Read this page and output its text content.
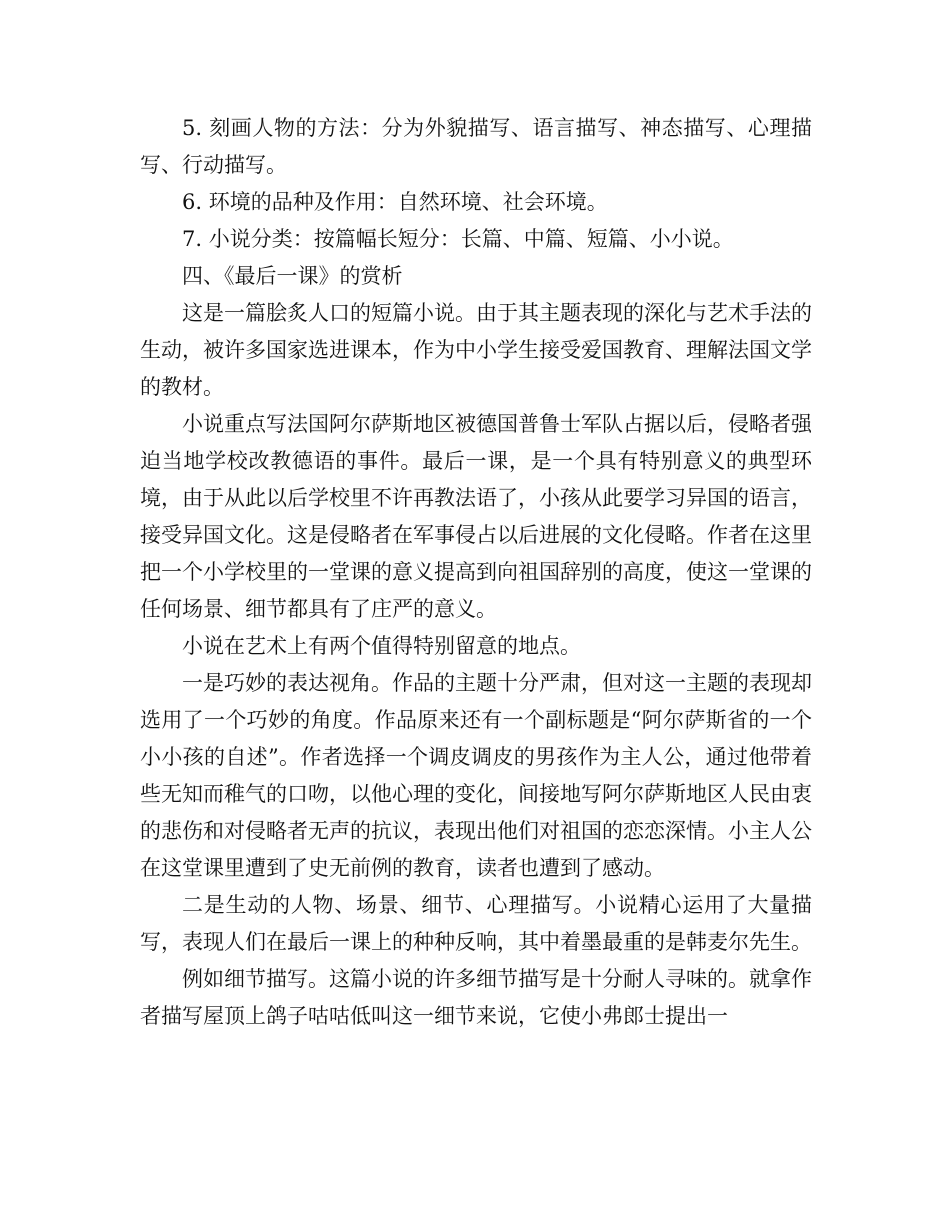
5. 刻画人物的方法：分为外貌描写、语言描写、神态描写、心理描写、行动描写。

6. 环境的品种及作用：自然环境、社会环境。

7. 小说分类：按篇幅长短分：长篇、中篇、短篇、小小说。

四、《最后一课》的赏析

这是一篇脍炙人口的短篇小说。由于其主题表现的深化与艺术手法的生动，被许多国家选进课本，作为中小学生接受爱国教育、理解法国文学的教材。

小说重点写法国阿尔萨斯地区被德国普鲁士军队占据以后，侵略者强迫当地学校改教德语的事件。最后一课，是一个具有特别意义的典型环境，由于从此以后学校里不许再教法语了，小孩从此要学习异国的语言，接受异国文化。这是侵略者在军事侵占以后进展的文化侵略。作者在这里把一个小学校里的一堂课的意义提高到向祖国辞别的高度，使这一堂课的任何场景、细节都具有了庄严的意义。

小说在艺术上有两个值得特别留意的地点。

一是巧妙的表达视角。作品的主题十分严肃，但对这一主题的表现却选用了一个巧妙的角度。作品原来还有一个副标题是“阿尔萨斯省的一个小小孩的自述”。作者选择一个调皮调皮的男孩作为主人公，通过他带着些无知而稚气的口吻，以他心理的变化，间接地写阿尔萨斯地区人民由衷的悲伤和对侵略者无声的抗议，表现出他们对祖国的恋恋深情。小主人公在这堂课里遭到了史无前例的教育，读者也遭到了感动。

二是生动的人物、场景、细节、心理描写。小说精心运用了大量描写，表现人们在最后一课上的种种反响，其中着墨最重的是韩麦尔先生。

例如细节描写。这篇小说的许多细节描写是十分耐人寻味的。就拿作者描写屋顶上鸽子咕咕低叫这一细节来说，它使小弗郎士提出一
